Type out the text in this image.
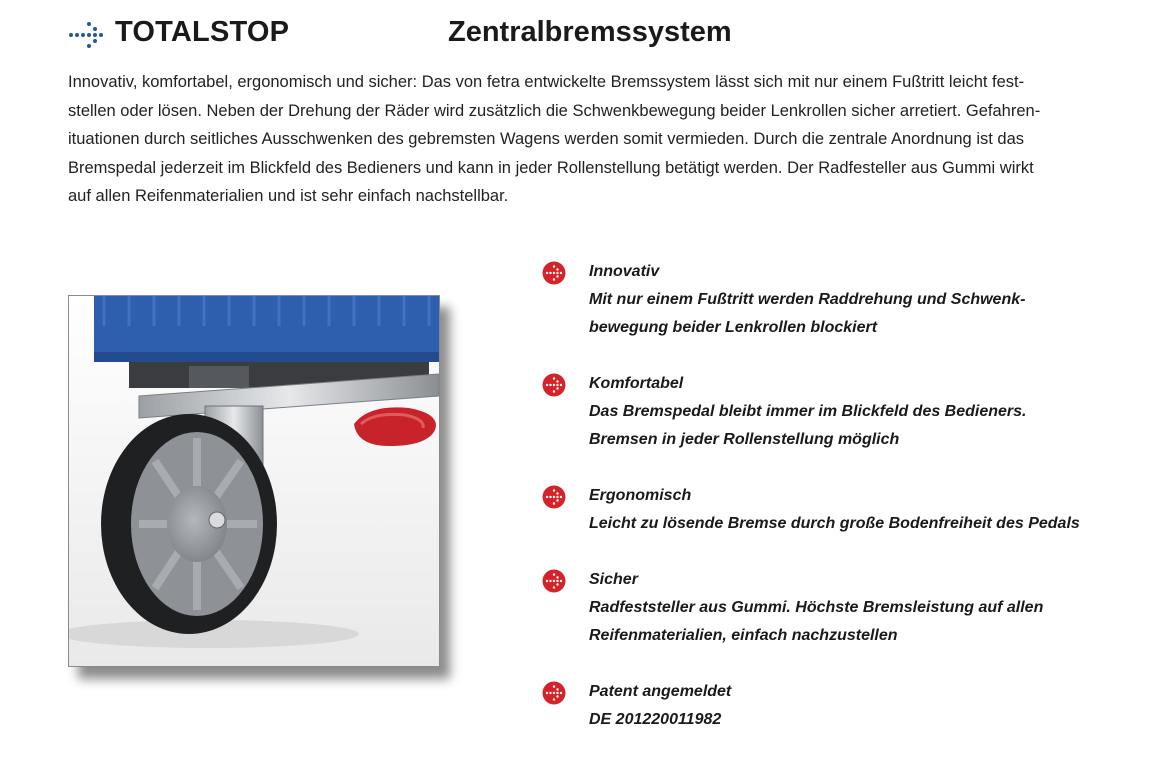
TOTALSTOP	Zentralbremssystem

Innovativ, komfortabel, ergonomisch und sicher: Das von fetra entwickelte Bremssystem lässt sich mit nur einem Fußtritt leicht fest-
stellen oder lösen. Neben der Drehung der Räder wird zusätzlich die Schwenkbewegung beider Lenkrollen sicher arretiert. Gefahren-
ituationen durch seitliches Ausschwenken des gebremsten Wagens werden somit vermieden. Durch die zentrale Anordnung ist das
Bremspedal jederzeit im Blickfeld des Bedieners und kann in jeder Rollenstellung betätigt werden. Der Radfesteller aus Gummi wirkt
auf allen Reifenmaterialien und ist sehr einfach nachstellbar.

Innovativ

Mit nur einem Fußtritt werden Raddrehung und Schwenk-

bewegung beider Lenkrollen blockiert

Komfortabel

Das Bremspedal bleibt immer im Blickfeld des Bedieners.

Bremsen in jeder Rollenstellung möglich

Ergonomisch

Leicht zu lösende Bremse durch große Bodenfreiheit des Pedals

Sicher

Radfeststeller aus Gummi. Höchste Bremsleistung auf allen

Reifenmaterialien, einfach nachzustellen

Patent angemeldet

DE 201220011982
